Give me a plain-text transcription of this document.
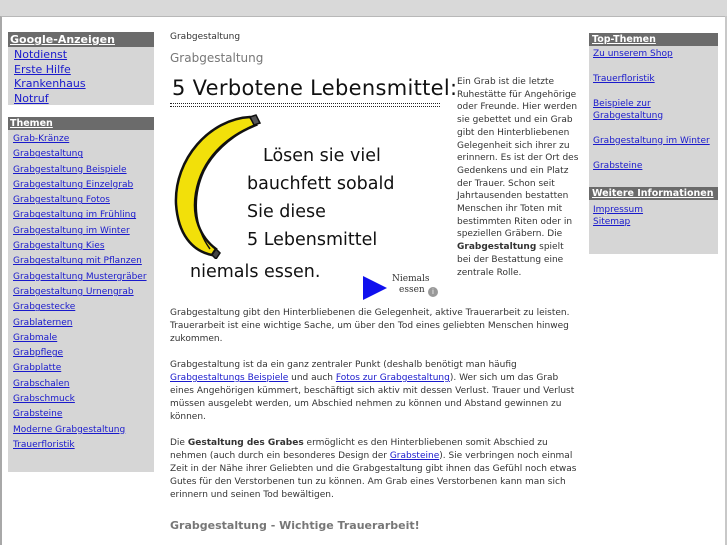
Google-Anzeigen
Notdienst
Erste Hilfe
Krankenhaus
Notruf
Themen
Grab-Kränze
Grabgestaltung
Grabgestaltung Beispiele
Grabgestaltung Einzelgrab
Grabgestaltung Fotos
Grabgestaltung im Frühling
Grabgestaltung im Winter
Grabgestaltung Kies
Grabgestaltung mit Pflanzen
Grabgestaltung Mustergräber
Grabgestaltung Urnengrab
Grabgestecke
Grablaternen
Grabmale
Grabpflege
Grabplatte
Grabschalen
Grabschmuck
Grabsteine
Moderne Grabgestaltung
Trauerfloristik
Grabgestaltung
Grabgestaltung
5 Verbotene Lebensmittel:
Lösen sie viel
bauchfett sobald
Sie diese
5 Lebensmittel
niemals essen.	Niemals
essen	i
Ein Grab ist die letzte Ruhestätte für Angehörige oder Freunde. Hier werden sie gebettet und ein Grab gibt den Hinterbliebenen Gelegenheit sich ihrer zu erinnern. Es ist der Ort des Gedenkens und ein Platz der Trauer. Schon seit Jahrtausenden bestatten Menschen ihr Toten mit bestimmten Riten oder in speziellen Gräbern. Die Grabgestaltung spielt bei der Bestattung eine zentrale Rolle.

Grabgestaltung gibt den Hinterbliebenen die Gelegenheit, aktive Trauerarbeit zu leisten. Trauerarbeit ist eine wichtige Sache, um über den Tod eines geliebten Menschen hinweg zukommen.

Grabgestaltung ist da ein ganz zentraler Punkt (deshalb benötigt man häufig Grabgestaltungs Beispiele und auch Fotos zur Grabgestaltung). Wer sich um das Grab eines Angehörigen kümmert, beschäftigt sich aktiv mit dessen Verlust. Trauer und Verlust müssen ausgelebt werden, um Abschied nehmen zu können und Abstand gewinnen zu können.

Die Gestaltung des Grabes ermöglicht es den Hinterbliebenen somit Abschied zu nehmen (auch durch ein besonderes Design der Grabsteine). Sie verbringen noch einmal Zeit in der Nähe ihrer Geliebten und die Grabgestaltung gibt ihnen das Gefühl noch etwas Gutes für den Verstorbenen tun zu können. Am Grab eines Verstorbenen kann man sich erinnern und seinen Tod bewältigen.

Grabgestaltung - Wichtige Trauerarbeit!
Top-Themen
Zu unserem Shop
Trauerfloristik
Beispiele zur Grabgestaltung
Grabgestaltung im Winter
Grabsteine
Weitere Informationen
Impressum
Sitemap
